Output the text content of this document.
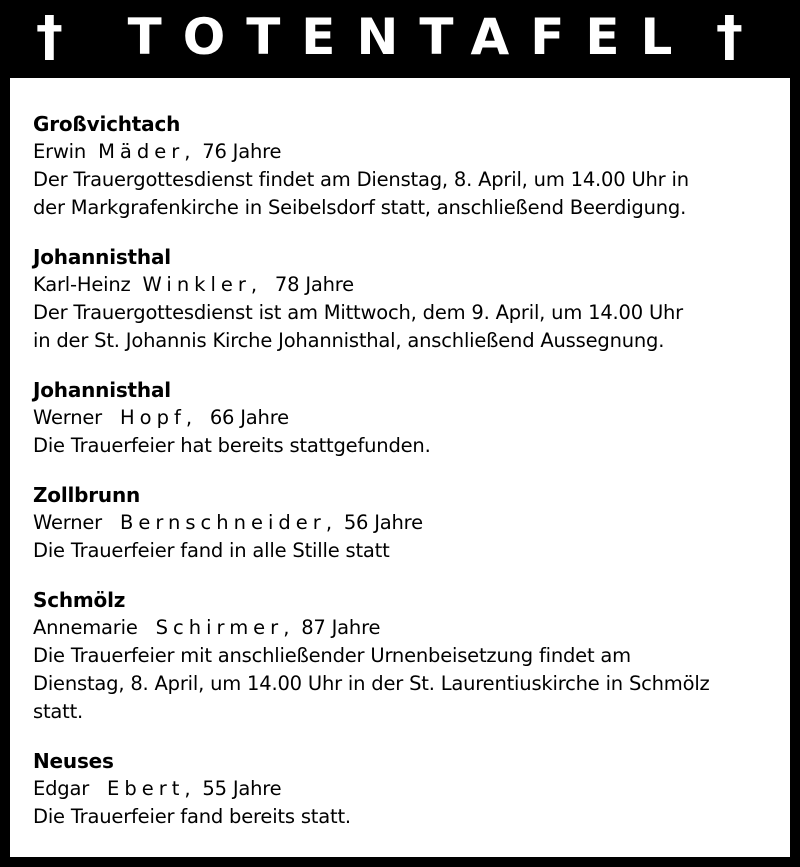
†	TOTENTAFEL †
Großvichtach
Erwin Mäder,  76 Jahre
Der Trauergottesdienst findet am Dienstag, 8. April, um 14.00 Uhr in
der Markgrafenkirche in Seibelsdorf statt, anschließend Beerdigung.
Johannisthal
Karl-Heinz Winkler,   78 Jahre
Der Trauergottesdienst ist am Mittwoch, dem 9. April, um 14.00 Uhr
in der St. Johannis Kirche Johannisthal, anschließend Aussegnung.
Johannisthal
Werner Hopf,   66 Jahre
Die Trauerfeier hat bereits stattgefunden.
Zollbrunn
Werner Bernschneider,  56 Jahre
Die Trauerfeier fand in alle Stille statt
Schmölz
Annemarie Schirmer,  87 Jahre
Die Trauerfeier mit anschließender Urnenbeisetzung findet am
Dienstag, 8. April, um 14.00 Uhr in der St. Laurentiuskirche in Schmölz
statt.
Neuses
Edgar Ebert,  55 Jahre
Die Trauerfeier fand bereits statt.
